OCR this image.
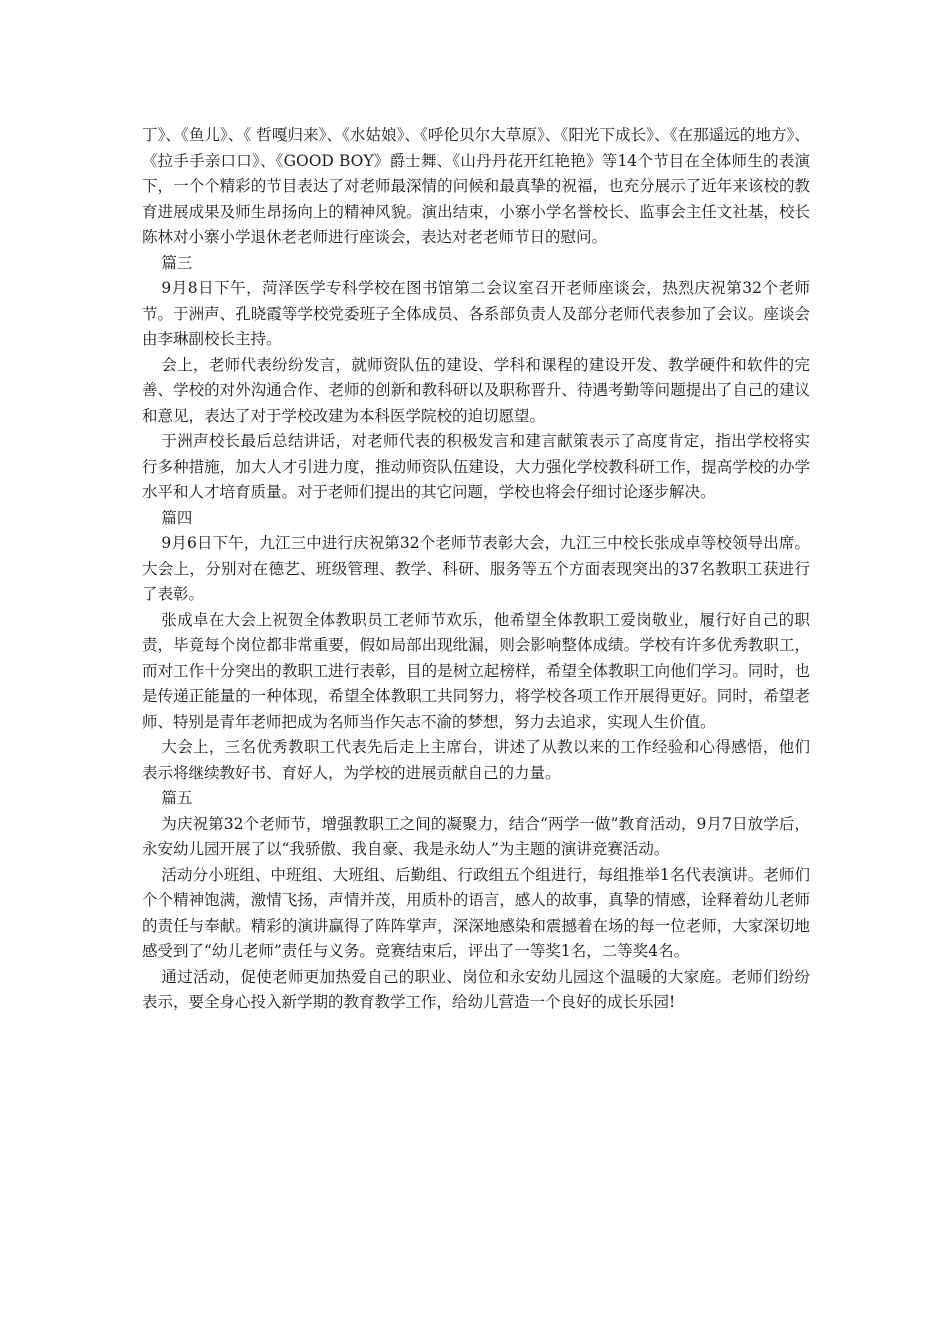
丁》、《鱼儿》、《 哲嘎归来》、《水姑娘》、《呼伦贝尔大草原》、《阳光下成长》、《在那遥远的地方》、《拉手手亲口口》、《GOOD BOY》爵士舞、《山丹丹花开红艳艳》等14个节目在全体师生的表演下，一个个精彩的节目表达了对老师最深情的问候和最真挚的祝福，也充分展示了近年来该校的教育进展成果及师生昂扬向上的精神风貌。演出结束，小寨小学名誉校长、监事会主任文社基，校长陈林对小寨小学退休老老师进行座谈会，表达对老老师节日的慰问。

篇三

9月8日下午，菏泽医学专科学校在图书馆第二会议室召开老师座谈会，热烈庆祝第32个老师节。于洲声、孔晓霞等学校党委班子全体成员、各系部负责人及部分老师代表参加了会议。座谈会由李琳副校长主持。

会上，老师代表纷纷发言，就师资队伍的建设、学科和课程的建设开发、教学硬件和软件的完善、学校的对外沟通合作、老师的创新和教科研以及职称晋升、待遇考勤等问题提出了自己的建议和意见，表达了对于学校改建为本科医学院校的迫切愿望。

于洲声校长最后总结讲话，对老师代表的积极发言和建言献策表示了高度肯定，指出学校将实行多种措施，加大人才引进力度，推动师资队伍建设，大力强化学校教科研工作，提高学校的办学水平和人才培育质量。对于老师们提出的其它问题，学校也将会仔细讨论逐步解决。

篇四

9月6日下午，九江三中进行庆祝第32个老师节表彰大会，九江三中校长张成卓等校领导出席。大会上，分别对在德艺、班级管理、教学、科研、服务等五个方面表现突出的37名教职工获进行了表彰。

张成卓在大会上祝贺全体教职员工老师节欢乐，他希望全体教职工爱岗敬业，履行好自己的职责，毕竟每个岗位都非常重要，假如局部出现纰漏，则会影响整体成绩。学校有许多优秀教职工，而对工作十分突出的教职工进行表彰，目的是树立起榜样，希望全体教职工向他们学习。同时，也是传递正能量的一种体现，希望全体教职工共同努力，将学校各项工作开展得更好。同时，希望老师、特别是青年老师把成为名师当作矢志不渝的梦想，努力去追求，实现人生价值。

大会上，三名优秀教职工代表先后走上主席台，讲述了从教以来的工作经验和心得感悟，他们表示将继续教好书、育好人，为学校的进展贡献自己的力量。

篇五

为庆祝第32个老师节，增强教职工之间的凝聚力，结合“两学一做”教育活动，9月7日放学后，永安幼儿园开展了以“我骄傲、我自豪、我是永幼人”为主题的演讲竞赛活动。

活动分小班组、中班组、大班组、后勤组、行政组五个组进行，每组推举1名代表演讲。老师们个个精神饱满，激情飞扬，声情并茂，用质朴的语言，感人的故事，真挚的情感，诠释着幼儿老师的责任与奉献。精彩的演讲赢得了阵阵掌声，深深地感染和震撼着在场的每一位老师，大家深切地感受到了“幼儿老师”责任与义务。竞赛结束后，评出了一等奖1名，二等奖4名。

通过活动，促使老师更加热爱自己的职业、岗位和永安幼儿园这个温暖的大家庭。老师们纷纷表示，要全身心投入新学期的教育教学工作，给幼儿营造一个良好的成长乐园!
